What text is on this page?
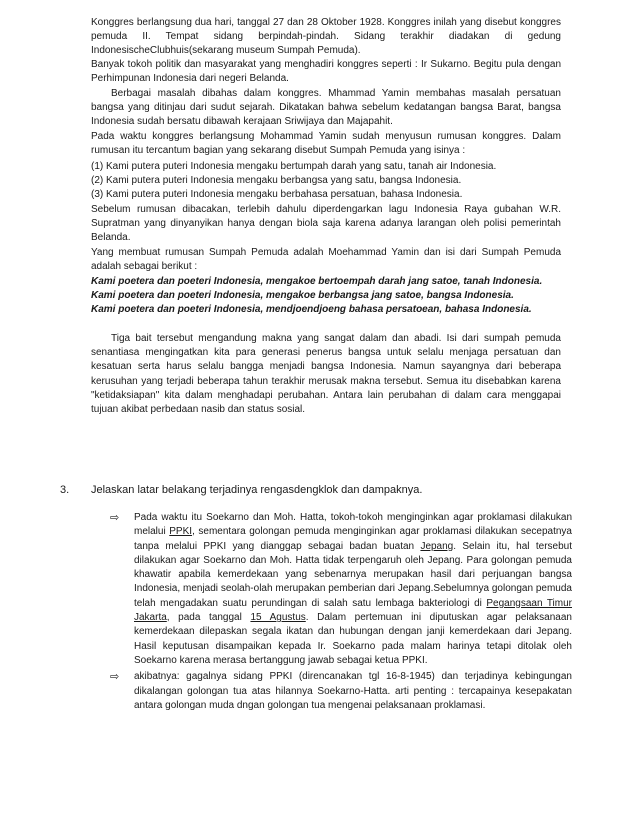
Konggres berlangsung dua hari, tanggal 27 dan 28 Oktober 1928. Konggres inilah yang disebut konggres pemuda II. Tempat sidang berpindah-pindah. Sidang terakhir diadakan di gedung IndonesischeClubhuis(sekarang museum Sumpah Pemuda).
Banyak tokoh politik dan masyarakat yang menghadiri konggres seperti : Ir Sukarno. Begitu pula dengan Perhimpunan Indonesia dari negeri Belanda.
Berbagai masalah dibahas dalam konggres. Mhammad Yamin membahas masalah persatuan bangsa yang ditinjau dari sudut sejarah. Dikatakan bahwa sebelum kedatangan bangsa Barat, bangsa Indonesia sudah bersatu dibawah kerajaan Sriwijaya dan Majapahit.
Pada waktu konggres berlangsung Mohammad Yamin sudah menyusun rumusan konggres. Dalam rumusan itu tercantum bagian yang sekarang disebut Sumpah Pemuda yang isinya :
(1) Kami putera puteri Indonesia mengaku bertumpah darah yang satu, tanah air Indonesia.
(2) Kami putera puteri Indonesia mengaku berbangsa yang satu, bangsa Indonesia.
(3) Kami putera puteri Indonesia mengaku berbahasa persatuan, bahasa Indonesia.
Sebelum rumusan dibacakan, terlebih dahulu diperdengarkan lagu Indonesia Raya gubahan W.R. Supratman yang dinyanyikan hanya dengan biola saja karena adanya larangan oleh polisi pemerintah Belanda.
Yang membuat rumusan Sumpah Pemuda adalah Moehammad Yamin dan isi dari Sumpah Pemuda adalah sebagai berikut :
Kami poetera dan poeteri Indonesia, mengakoe bertoempah darah jang satoe, tanah Indonesia.
Kami poetera dan poeteri Indonesia, mengakoe berbangsa jang satoe, bangsa Indonesia.
Kami poetera dan poeteri Indonesia, mendjoendjoeng bahasa persatoean, bahasa Indonesia.
Tiga bait tersebut mengandung makna yang sangat dalam dan abadi. Isi dari sumpah pemuda senantiasa mengingatkan kita para generasi penerus bangsa untuk selalu menjaga persatuan dan kesatuan serta harus selalu bangga menjadi bangsa Indonesia. Namun sayangnya dari beberapa kerusuhan yang terjadi beberapa tahun terakhir merusak makna tersebut. Semua itu disebabkan karena "ketidaksiapan" kita dalam menghadapi perubahan. Antara lain perubahan di dalam cara menggapai tujuan akibat perbedaan nasib dan status sosial.
3. Jelaskan latar belakang terjadinya rengasdengklok dan dampaknya.
⇨	Pada waktu itu Soekarno dan Moh. Hatta, tokoh-tokoh menginginkan agar proklamasi dilakukan melalui PPKI, sementara golongan pemuda menginginkan agar proklamasi dilakukan secepatnya tanpa melalui PPKI yang dianggap sebagai badan buatan Jepang. Selain itu, hal tersebut dilakukan agar Soekarno dan Moh. Hatta tidak terpengaruh oleh Jepang. Para golongan pemuda khawatir apabila kemerdekaan yang sebenarnya merupakan hasil dari perjuangan bangsa Indonesia, menjadi seolah-olah merupakan pemberian dari Jepang.Sebelumnya golongan pemuda telah mengadakan suatu perundingan di salah satu lembaga bakteriologi di Pegangsaan Timur Jakarta, pada tanggal 15 Agustus. Dalam pertemuan ini diputuskan agar pelaksanaan kemerdekaan dilepaskan segala ikatan dan hubungan dengan janji kemerdekaan dari Jepang. Hasil keputusan disampaikan kepada Ir. Soekarno pada malam harinya tetapi ditolak oleh Soekarno karena merasa bertanggung jawab sebagai ketua PPKI.
⇨	akibatnya: gagalnya sidang PPKI (direncanakan tgl 16-8-1945) dan terjadinya kebingungan dikalangan golongan tua atas hilannya Soekarno-Hatta. arti penting : tercapainya kesepakatan antara golongan muda dngan golongan tua mengenai pelaksanaan proklamasi.
